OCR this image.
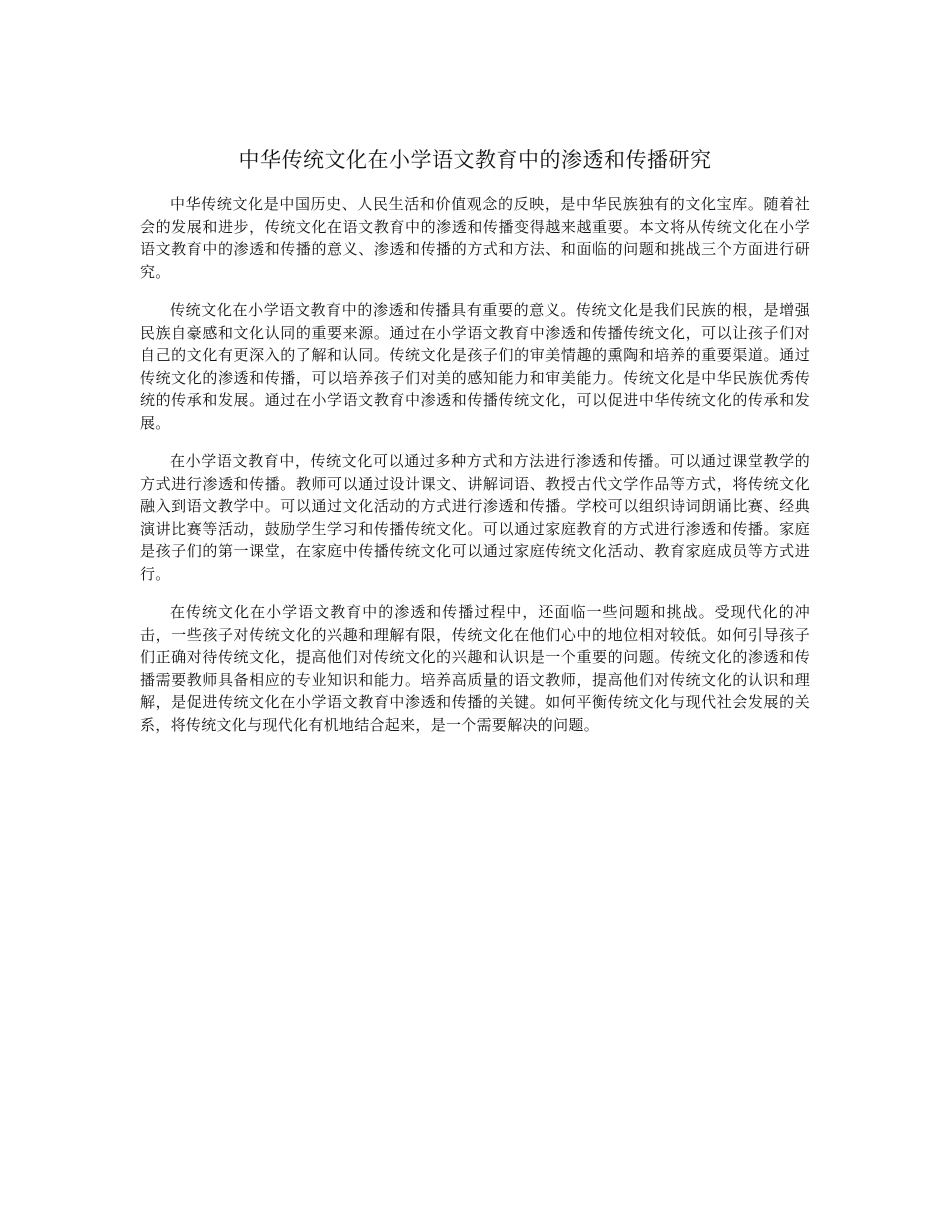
中华传统文化在小学语文教育中的渗透和传播研究

中华传统文化是中国历史、人民生活和价值观念的反映，是中华民族独有的文化宝库。随着社会的发展和进步，传统文化在语文教育中的渗透和传播变得越来越重要。本文将从传统文化在小学语文教育中的渗透和传播的意义、渗透和传播的方式和方法、和面临的问题和挑战三个方面进行研究。

传统文化在小学语文教育中的渗透和传播具有重要的意义。传统文化是我们民族的根，是增强民族自豪感和文化认同的重要来源。通过在小学语文教育中渗透和传播传统文化，可以让孩子们对自己的文化有更深入的了解和认同。传统文化是孩子们的审美情趣的熏陶和培养的重要渠道。通过传统文化的渗透和传播，可以培养孩子们对美的感知能力和审美能力。传统文化是中华民族优秀传统的传承和发展。通过在小学语文教育中渗透和传播传统文化，可以促进中华传统文化的传承和发展。

在小学语文教育中，传统文化可以通过多种方式和方法进行渗透和传播。可以通过课堂教学的方式进行渗透和传播。教师可以通过设计课文、讲解词语、教授古代文学作品等方式，将传统文化融入到语文教学中。可以通过文化活动的方式进行渗透和传播。学校可以组织诗词朗诵比赛、经典演讲比赛等活动，鼓励学生学习和传播传统文化。可以通过家庭教育的方式进行渗透和传播。家庭是孩子们的第一课堂，在家庭中传播传统文化可以通过家庭传统文化活动、教育家庭成员等方式进行。

在传统文化在小学语文教育中的渗透和传播过程中，还面临一些问题和挑战。受现代化的冲击，一些孩子对传统文化的兴趣和理解有限，传统文化在他们心中的地位相对较低。如何引导孩子们正确对待传统文化，提高他们对传统文化的兴趣和认识是一个重要的问题。传统文化的渗透和传播需要教师具备相应的专业知识和能力。培养高质量的语文教师，提高他们对传统文化的认识和理解，是促进传统文化在小学语文教育中渗透和传播的关键。如何平衡传统文化与现代社会发展的关系，将传统文化与现代化有机地结合起来，是一个需要解决的问题。
